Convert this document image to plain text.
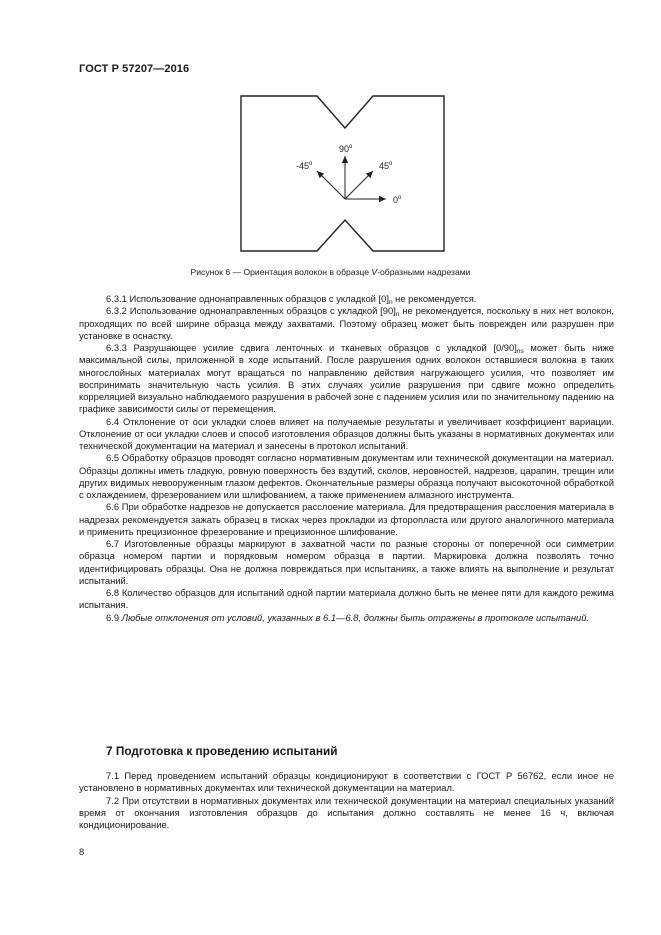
ГОСТ Р 57207—2016
90$^o$
-45$^o$	45$^o$
0$^o$
Рисунок 6 — Ориентация волокон в образце V-образными надрезами

6.3.1 Использование однонаправленных образцов с укладкой $[0]_n$ не рекомендуется.

6.3.2 Использование однонаправленных образцов с укладкой $[90]_n$ не рекомендуется, поскольку в них нет волокон, проходящих по всей ширине образца между захватами. Поэтому образец может быть поврежден или разрушен при установке в оснастку.

6.3.3 Разрушающее усилие сдвига ленточных и тканевых образцов с укладкой $[0/90]_{ns}$ может быть ниже максимальной силы, приложенной в ходе испытаний. После разрушения одних волокон оставшиеся волокна в таких многослойных материалах могут вращаться по направлению действия нагружающего усилия, что позволяет им воспринимать значительную часть усилия. В этих случаях усилие разрушения при сдвиге можно определить корреляцией визуально наблюдаемого разрушения в рабочей зоне с падением усилия или по значительному падению на графике зависимости силы от перемещения.

6.4 Отклонение от оси укладки слоев влияет на получаемые результаты и увеличивает коэффициент вариации. Отклонение от оси укладки слоев и способ изготовления образцов должны быть указаны в нормативных документах или технической документации на материал и занесены в протокол испытаний.

6.5 Обработку образцов проводят согласно нормативным документам или технической документации на материал. Образцы должны иметь гладкую, ровную поверхность без вздутий, сколов, неровностей, надрезов, царапин, трещин или других видимых невооруженным глазом дефектов. Окончательные размеры образца получают высокоточной обработкой с охлаждением, фрезерованием или шлифованием, а также применением алмазного инструмента.

6.6 При обработке надрезов не допускается расслоение материала. Для предотвращения расслоения материала в надрезах рекомендуется зажать образец в тисках через прокладки из фторопласта или другого аналогичного материала и применить прецизионное фрезерование и прецизионное шлифование.

6.7 Изготовленные образцы маркируют в захватной части по разные стороны от поперечной оси симметрии образца номером партии и порядковым номером образца в партии. Маркировка должна позволять точно идентифицировать образцы. Она не должна повреждаться при испытаниях, а также влиять на выполнение и результат испытаний.

6.8 Количество образцов для испытаний одной партии материала должно быть не менее пяти для каждого режима испытания.

6.9 Любые отклонения от условий, указанных в 6.1—6.8, должны быть отражены в протоколе испытаний.

7 Подготовка к проведению испытаний

7.1 Перед проведением испытаний образцы кондиционируют в соответствии с ГОСТ Р 56762, если иное не установлено в нормативных документах или технической документации на материал.

7.2 При отсутствии в нормативных документах или технической документации на материал специальных указаний время от окончания изготовления образцов до испытания должно составлять не менее 16 ч, включая кондиционирование.

8
